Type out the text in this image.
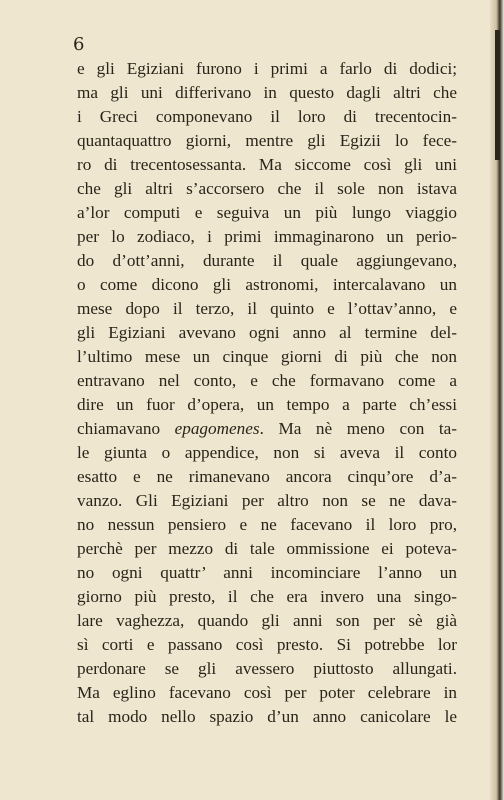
6
e gli Egiziani furono i primi a farlo di dodici;
ma gli uni differivano in questo dagli altri che
i Greci componevano il loro di trecentocin-
quantaquattro giorni, mentre gli Egizii lo fece-
ro di trecentosessanta. Ma siccome così gli uni
che gli altri s’accorsero che il sole non istava
a’lor computi e seguiva un più lungo viaggio
per lo zodiaco, i primi immaginarono un perio-
do d’ott’anni, durante il quale aggiungevano,
o come dicono gli astronomi, intercalavano un
mese dopo il terzo, il quinto e l’ottav’anno, e
gli Egiziani avevano ogni anno al termine del-
l’ultimo mese un cinque giorni di più che non
entravano nel conto, e che formavano come a
dire un fuor d’opera, un tempo a parte ch’essi
chiamavano epagomenes. Ma nè meno con ta-
le giunta o appendice, non si aveva il conto
esatto e ne rimanevano ancora cinqu’ore d’a-
vanzo. Gli Egiziani per altro non se ne dava-
no nessun pensiero e ne facevano il loro pro,
perchè per mezzo di tale ommissione ei poteva-
no ogni quattr’ anni incominciare l’anno un
giorno più presto, il che era invero una singo-
lare vaghezza, quando gli anni son per sè già
sì corti e passano così presto. Si potrebbe lor
perdonare se gli avessero piuttosto allungati.
Ma eglino facevano così per poter celebrare in
tal modo nello spazio d’un anno canicolare le
